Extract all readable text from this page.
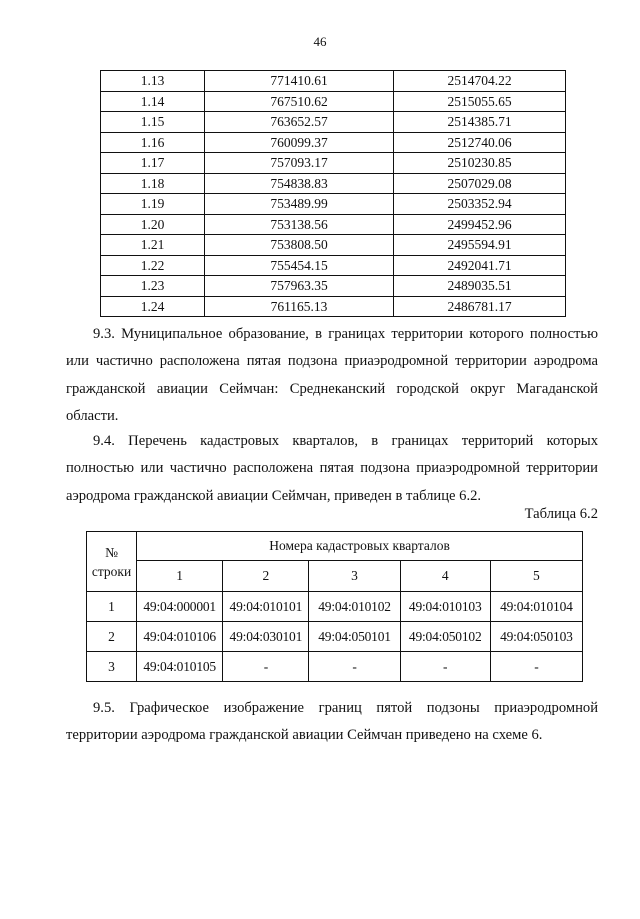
46
1.13	771410.61	2514704.22
1.14	767510.62	2515055.65
1.15	763652.57	2514385.71
1.16	760099.37	2512740.06
1.17	757093.17	2510230.85
1.18	754838.83	2507029.08
1.19	753489.99	2503352.94
1.20	753138.56	2499452.96
1.21	753808.50	2495594.91
1.22	755454.15	2492041.71
1.23	757963.35	2489035.51
1.24	761165.13	2486781.17

9.3. Муниципальное образование, в границах территории которого полностью или частично расположена пятая подзона приаэродромной территории аэродрома гражданской авиации Сеймчан: Среднеканский городской округ Магаданской области.

9.4. Перечень кадастровых кварталов, в границах территорий которых полностью или частично расположена пятая подзона приаэродромной территории аэродрома гражданской авиации Сеймчан, приведен в таблице 6.2.

Таблица 6.2
№
строки	Номера кадастровых кварталов				
	1	2	3	4	5
1	49:04:000001	49:04:010101	49:04:010102	49:04:010103	49:04:010104
2	49:04:010106	49:04:030101	49:04:050101	49:04:050102	49:04:050103
3	49:04:010105	-	-	-	-

9.5. Графическое изображение границ пятой подзоны приаэродромной территории аэродрома гражданской авиации Сеймчан приведено на схеме 6.
